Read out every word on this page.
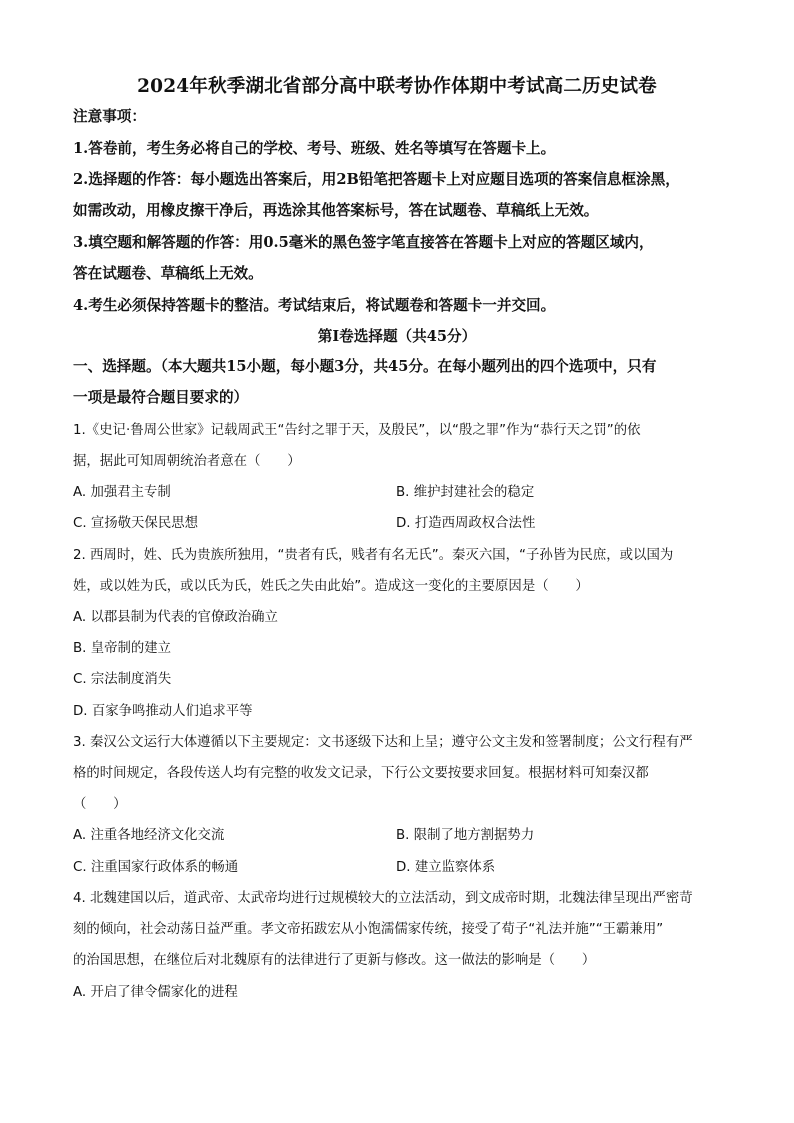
2024年秋季湖北省部分高中联考协作体期中考试高二历史试卷
注意事项：
1.答卷前，考生务必将自己的学校、考号、班级、姓名等填写在答题卡上。
2.选择题的作答：每小题选出答案后，用2B铅笔把答题卡上对应题目选项的答案信息框涂黑，
如需改动，用橡皮擦干净后，再选涂其他答案标号，答在试题卷、草稿纸上无效。
3.填空题和解答题的作答：用0.5毫米的黑色签字笔直接答在答题卡上对应的答题区域内，
答在试题卷、草稿纸上无效。
4.考生必须保持答题卡的整洁。考试结束后，将试题卷和答题卡一并交回。
第Ⅰ卷选择题（共45分）
一、选择题。（本大题共15小题，每小题3分，共45分。在每小题列出的四个选项中，只有
一项是最符合题目要求的）
1.《史记·鲁周公世家》记载周武王“告纣之罪于天，及殷民”，以“殷之罪”作为“恭行天之罚”的依
据，据此可知周朝统治者意在（　　）
A. 加强君主专制	B. 维护封建社会的稳定
C. 宣扬敬天保民思想	D. 打造西周政权合法性
2. 西周时，姓、氏为贵族所独用，“贵者有氏，贱者有名无氏”。秦灭六国，“子孙皆为民庶，或以国为
姓，或以姓为氏，或以氏为氏，姓氏之失由此始”。造成这一变化的主要原因是（　　）
A. 以郡县制为代表的官僚政治确立
B. 皇帝制的建立
C. 宗法制度消失
D. 百家争鸣推动人们追求平等
3. 秦汉公文运行大体遵循以下主要规定：文书逐级下达和上呈；遵守公文主发和签署制度；公文行程有严
格的时间规定，各段传送人均有完整的收发文记录，下行公文要按要求回复。根据材料可知秦汉都
（　　）
A. 注重各地经济文化交流	B. 限制了地方割据势力
C. 注重国家行政体系的畅通	D. 建立监察体系
4. 北魏建国以后，道武帝、太武帝均进行过规模较大的立法活动，到文成帝时期，北魏法律呈现出严密苛
刻的倾向，社会动荡日益严重。孝文帝拓跋宏从小饱濡儒家传统，接受了荀子“礼法并施”“王霸兼用”
的治国思想，在继位后对北魏原有的法律进行了更新与修改。这一做法的影响是（　　）
A. 开启了律令儒家化的进程
